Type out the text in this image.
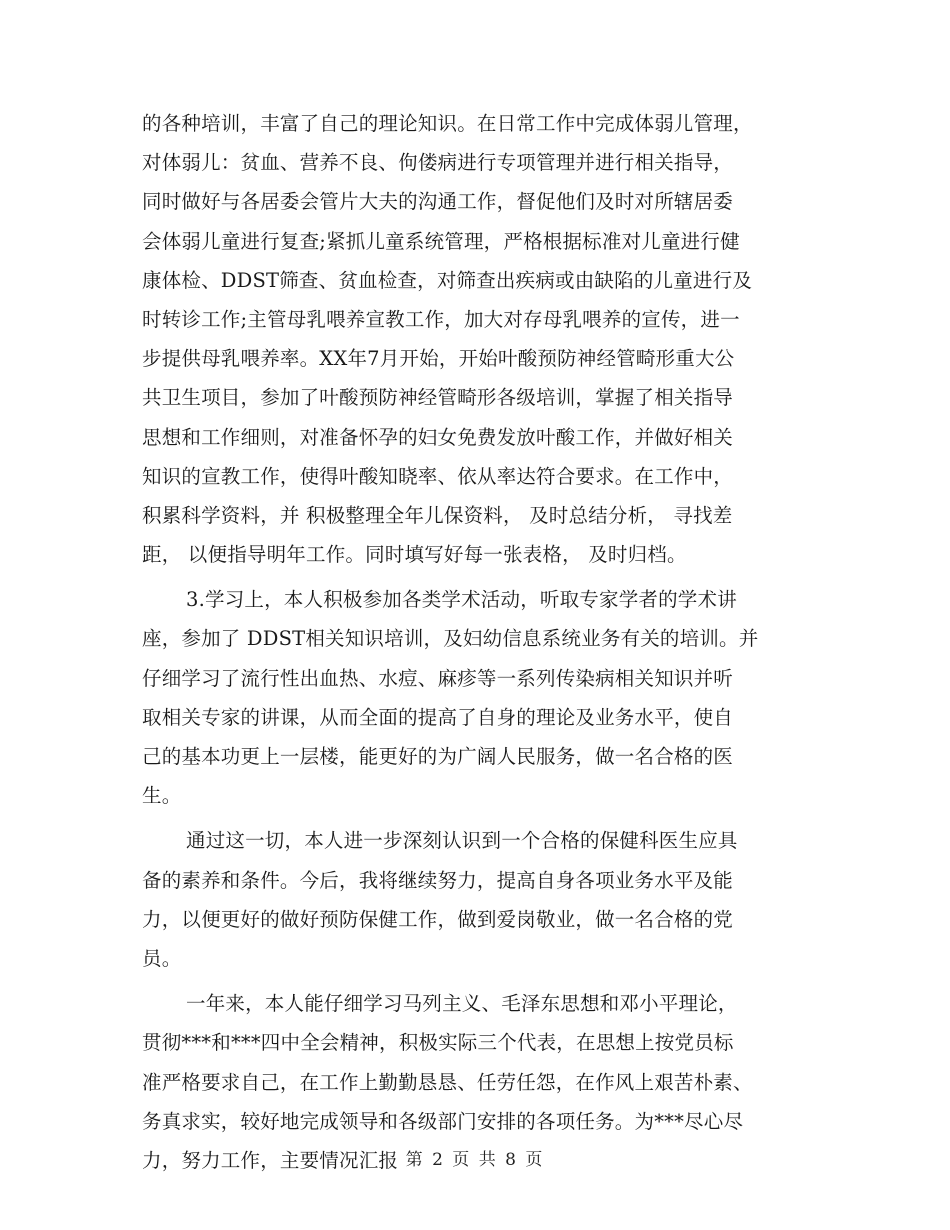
的各种培训，丰富了自己的理论知识。在日常工作中完成体弱儿管理，
对体弱儿：贫血、营养不良、佝偻病进行专项管理并进行相关指导，
同时做好与各居委会管片大夫的沟通工作，督促他们及时对所辖居委
会体弱儿童进行复查;紧抓儿童系统管理，严格根据标准对儿童进行健
康体检、DDST筛查、贫血检查，对筛查出疾病或由缺陷的儿童进行及
时转诊工作;主管母乳喂养宣教工作，加大对存母乳喂养的宣传，进一
步提供母乳喂养率。XX年7月开始，开始叶酸预防神经管畸形重大公
共卫生项目，参加了叶酸预防神经管畸形各级培训，掌握了相关指导
思想和工作细则，对准备怀孕的妇女免费发放叶酸工作，并做好相关
知识的宣教工作，使得叶酸知晓率、依从率达符合要求。在工作中，
积累科学资料，并 积极整理全年儿保资料， 及时总结分析， 寻找差
距， 以便指导明年工作。同时填写好每一张表格， 及时归档。
3.学习上，本人积极参加各类学术活动，听取专家学者的学术讲
座，参加了 DDST相关知识培训，及妇幼信息系统业务有关的培训。并
仔细学习了流行性出血热、水痘、麻疹等一系列传染病相关知识并听
取相关专家的讲课，从而全面的提高了自身的理论及业务水平，使自
己的基本功更上一层楼，能更好的为广阔人民服务，做一名合格的医
生。
通过这一切，本人进一步深刻认识到一个合格的保健科医生应具
备的素养和条件。今后，我将继续努力，提高自身各项业务水平及能
力，以便更好的做好预防保健工作，做到爱岗敬业，做一名合格的党
员。
一年来，本人能仔细学习马列主义、毛泽东思想和邓小平理论，
贯彻***和***四中全会精神，积极实际三个代表，在思想上按党员标
准严格要求自己，在工作上勤勤恳恳、任劳任怨，在作风上艰苦朴素、
务真求实，较好地完成领导和各级部门安排的各项任务。为***尽心尽
力，努力工作，主要情况汇报 第 2 页 共 8 页
